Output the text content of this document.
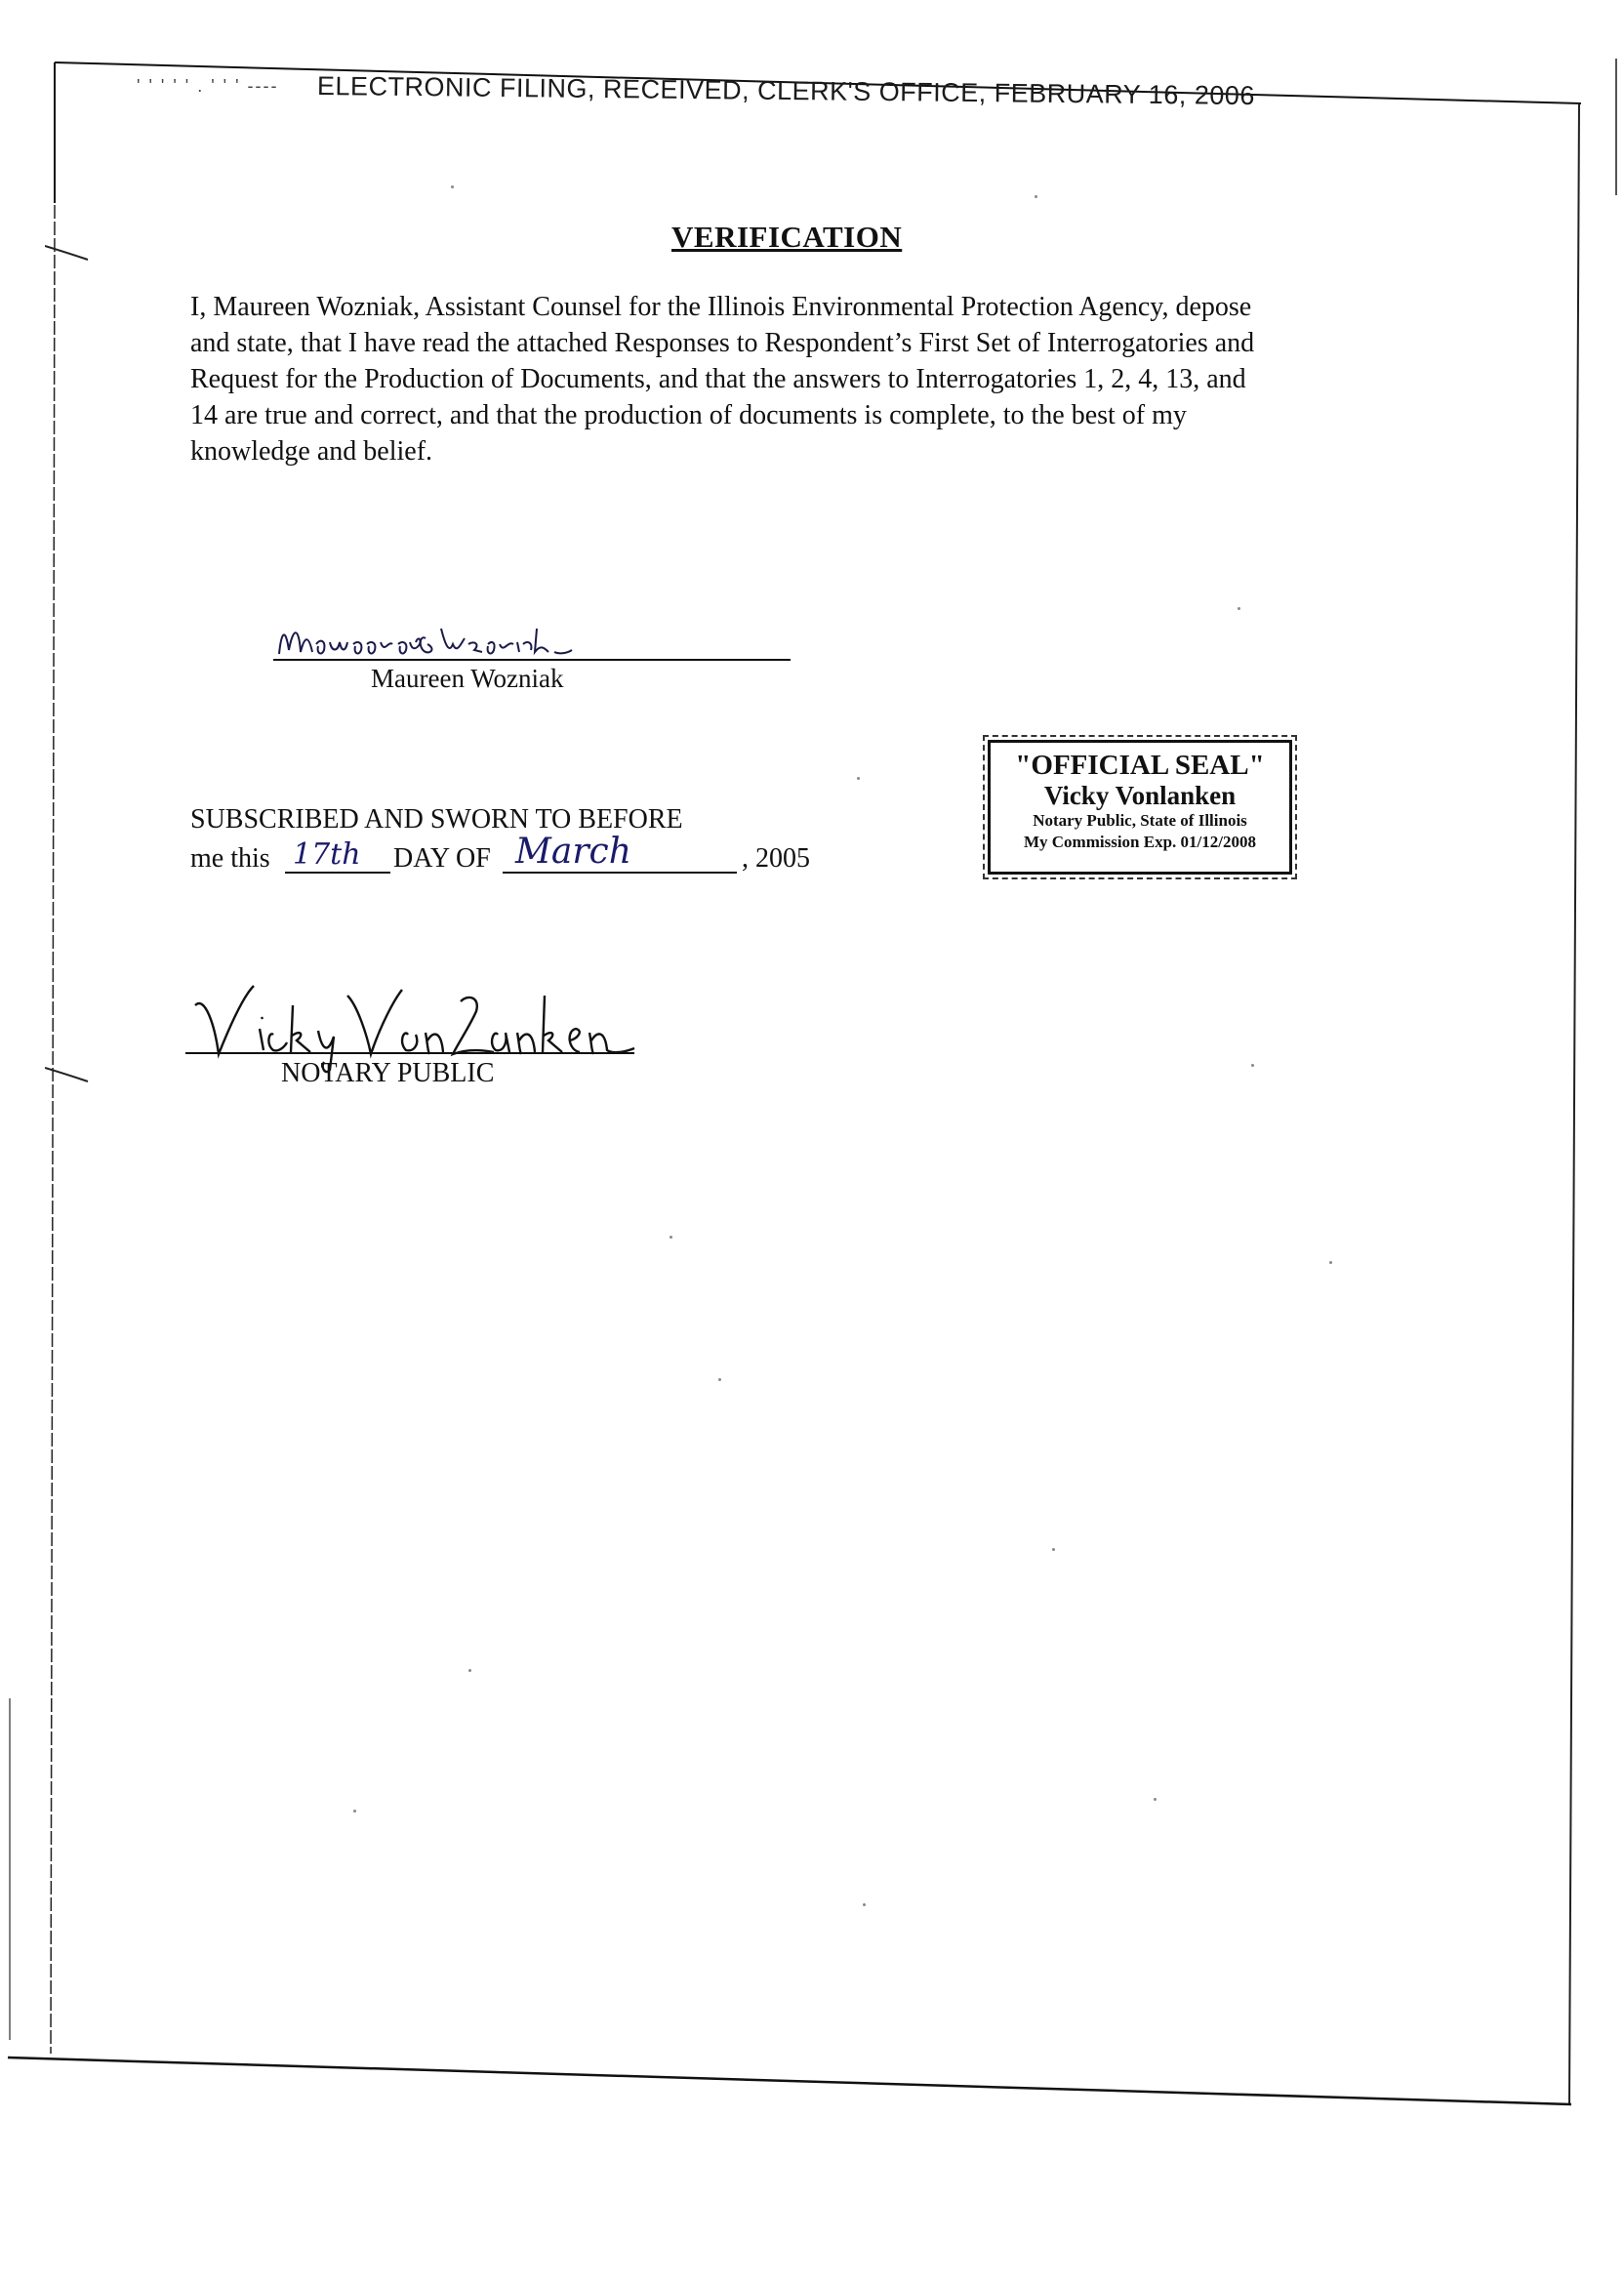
' ' ' ' ' . ' ' ' ---- ELECTRONIC FILING, RECEIVED, CLERK'S OFFICE, FEBRUARY 16, 2006
VERIFICATION
I, Maureen Wozniak, Assistant Counsel for the Illinois Environmental Protection Agency, depose
and state, that I have read the attached Responses to Respondent’s First Set of Interrogatories and
Request for the Production of Documents, and that the answers to Interrogatories 1, 2, 4, 13, and
14 are true and correct, and that the production of documents is complete, to the best of my
knowledge and belief.
Maureen Wozniak
"OFFICIAL SEAL"
Vicky Vonlanken
Notary Public, State of Illinois
My Commission Exp. 01/12/2008
SUBSCRIBED AND SWORN TO BEFORE
me this 17th DAY OF March	, 2005
NOTARY PUBLIC
